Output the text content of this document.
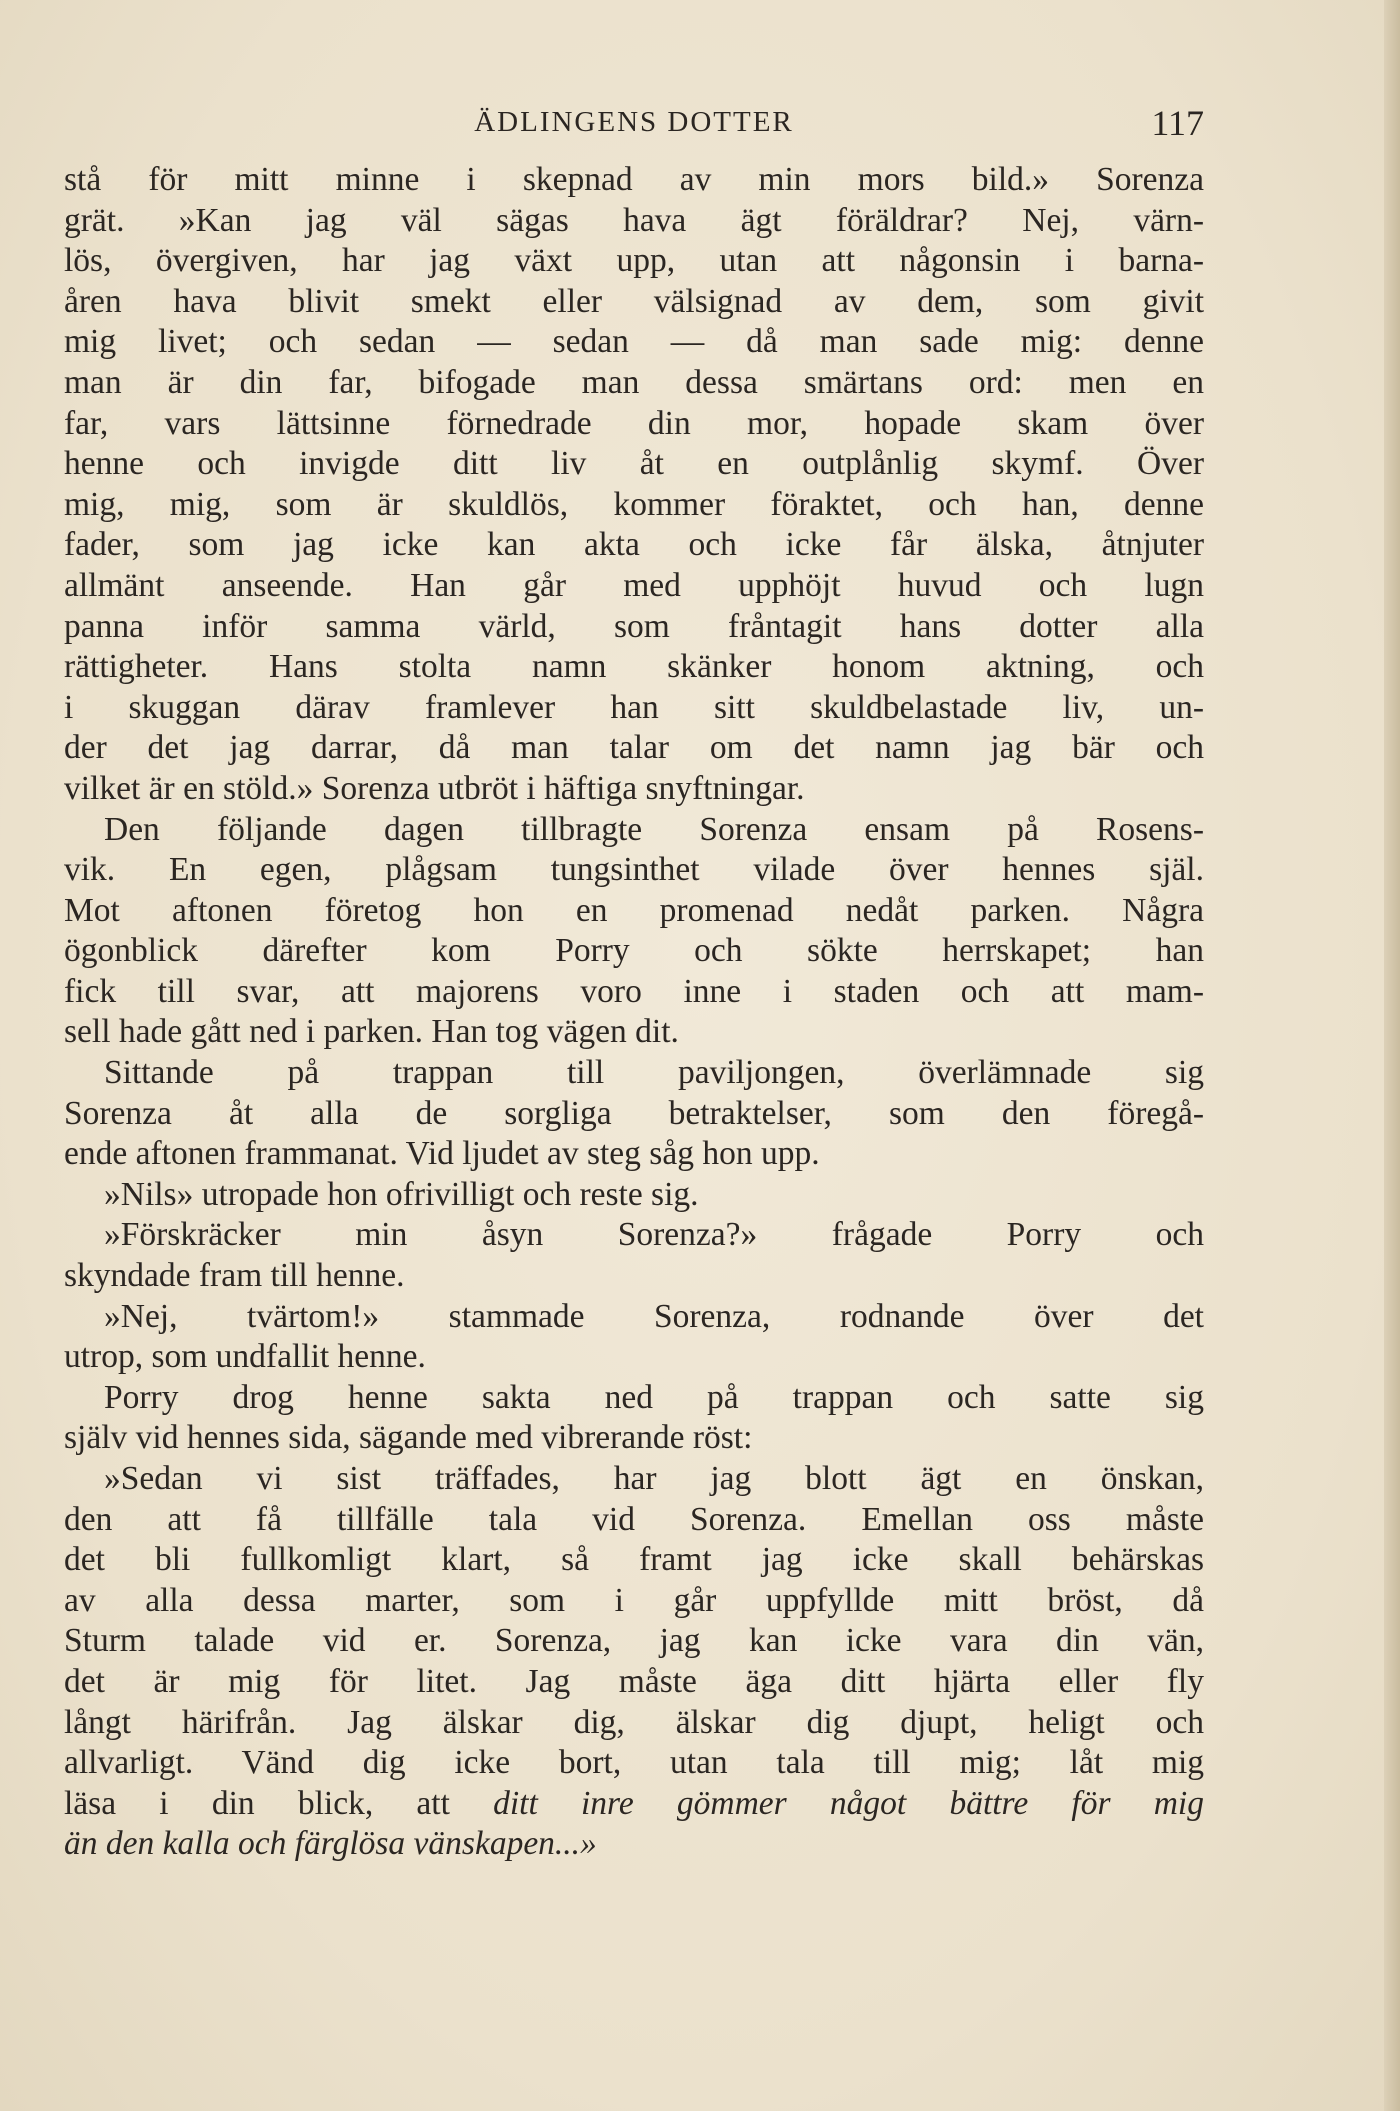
ÄDLINGENS DOTTER	117
stå för mitt minne i skepnad av min mors bild.» Sorenza
grät. »Kan jag väl sägas hava ägt föräldrar? Nej, värn-
lös, övergiven, har jag växt upp, utan att någonsin i barna-
åren hava blivit smekt eller välsignad av dem, som givit
mig livet; och sedan — sedan — då man sade mig: denne
man är din far, bifogade man dessa smärtans ord: men en
far, vars lättsinne förnedrade din mor, hopade skam över
henne och invigde ditt liv åt en outplånlig skymf. Över
mig, mig, som är skuldlös, kommer föraktet, och han, denne
fader, som jag icke kan akta och icke får älska, åtnjuter
allmänt anseende. Han går med upphöjt huvud och lugn
panna inför samma värld, som fråntagit hans dotter alla
rättigheter. Hans stolta namn skänker honom aktning, och
i skuggan därav framlever han sitt skuldbelastade liv, un-
der det jag darrar, då man talar om det namn jag bär och
vilket är en stöld.» Sorenza utbröt i häftiga snyftningar.
Den följande dagen tillbragte Sorenza ensam på Rosens-
vik. En egen, plågsam tungsinthet vilade över hennes själ.
Mot aftonen företog hon en promenad nedåt parken. Några
ögonblick därefter kom Porry och sökte herrskapet; han
fick till svar, att majorens voro inne i staden och att mam-
sell hade gått ned i parken. Han tog vägen dit.
Sittande på trappan till paviljongen, överlämnade sig
Sorenza åt alla de sorgliga betraktelser, som den föregå-
ende aftonen frammanat. Vid ljudet av steg såg hon upp.
»Nils» utropade hon ofrivilligt och reste sig.
»Förskräcker min åsyn Sorenza?» frågade Porry och
skyndade fram till henne.
»Nej, tvärtom!» stammade Sorenza, rodnande över det
utrop, som undfallit henne.
Porry drog henne sakta ned på trappan och satte sig
själv vid hennes sida, sägande med vibrerande röst:
»Sedan vi sist träffades, har jag blott ägt en önskan,
den att få tillfälle tala vid Sorenza. Emellan oss måste
det bli fullkomligt klart, så framt jag icke skall behärskas
av alla dessa marter, som i går uppfyllde mitt bröst, då
Sturm talade vid er. Sorenza, jag kan icke vara din vän,
det är mig för litet. Jag måste äga ditt hjärta eller fly
långt härifrån. Jag älskar dig, älskar dig djupt, heligt och
allvarligt. Vänd dig icke bort, utan tala till mig; låt mig
läsa i din blick, att ditt inre gömmer något bättre för mig
än den kalla och färglösa vänskapen...»
